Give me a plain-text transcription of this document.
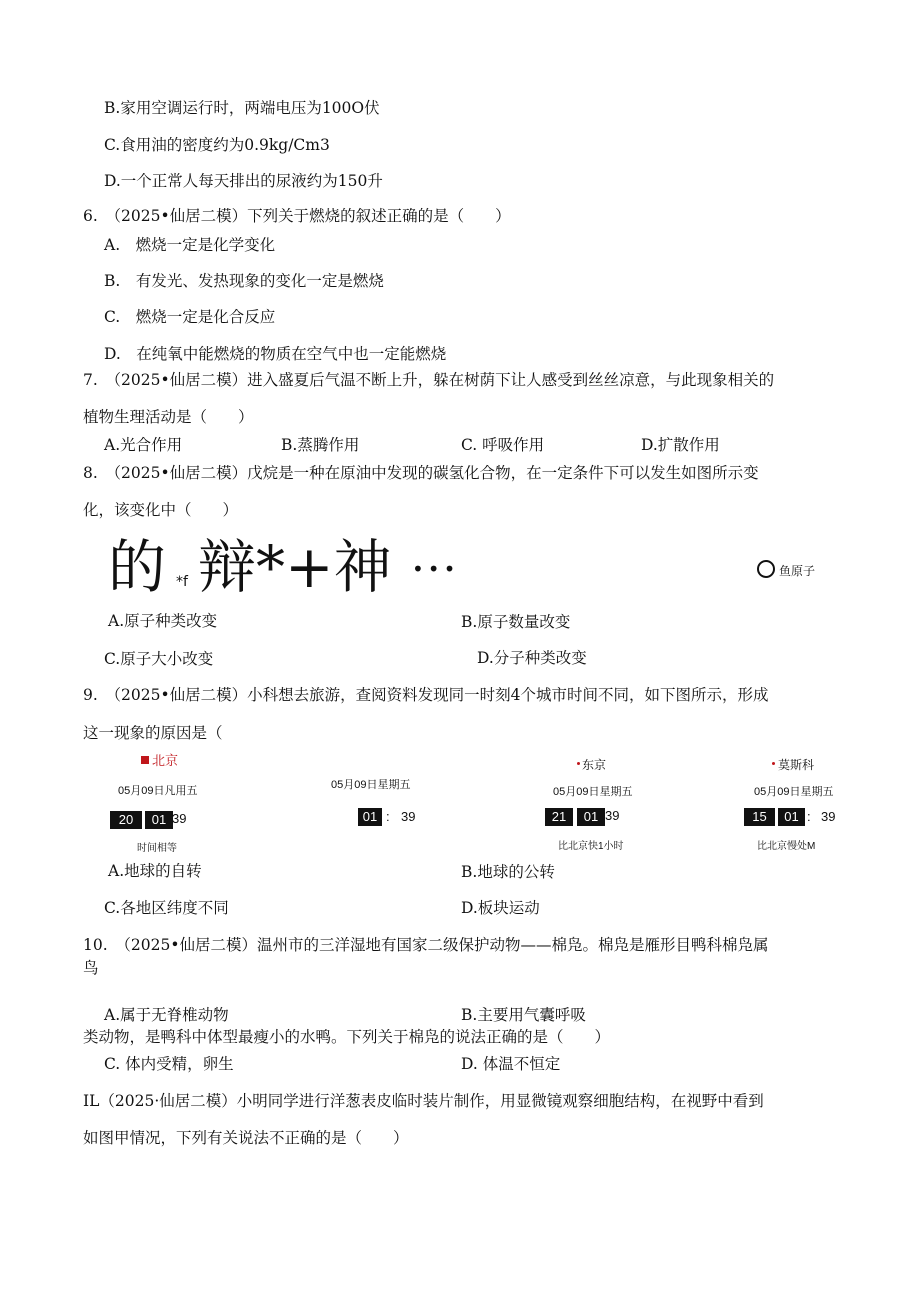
B.家用空调运行时，两端电压为100O伏
C.食用油的密度约为0.9kg/Cm3
D.一个正常人每天排出的尿液约为150升
6.　（2025•仙居二模）下列关于燃烧的叙述正确的是（　　）
A.　燃烧一定是化学变化
B.　有发光、发热现象的变化一定是燃烧
C.　燃烧一定是化合反应
D.　在纯氧中能燃烧的物质在空气中也一定能燃烧
7.　（2025•仙居二模）进入盛夏后气温不断上升，躲在树荫下让人感受到丝丝凉意，与此现象相关的
植物生理活动是（　　）
A.光合作用	B.蒸腾作用	C. 呼吸作用	D.扩散作用
8.　（2025•仙居二模）戊烷是一种在原油中发现的碳氢化合物，在一定条件下可以发生如图所示变
化，该变化中（　　）
的 *f 辩*+神 •••	鱼原子
A.原子种类改变	B.原子数量改变
C.原子大小改变	D.分子种类改变
9.　（2025•仙居二模）小科想去旅游，查阅资料发现同一时刻4个城市时间不同，如下图所示，形成
这一现象的原因是（
北京
05月09日凡用五
20	01 39
时间相等
05月09日星期五
01 : 39
东京
05月09日星期五
21	01 39
比北京快1小时
莫斯科
05月09日星期五
15	01 : 39
比北京慢处M
A.地球的自转	B.地球的公转
C.各地区纬度不同	D.板块运动
10.　（2025•仙居二模）温州市的三洋湿地有国家二级保护动物——棉凫。棉凫是雁形目鸭科棉凫属
鸟
A.属于无脊椎动物	B.主要用气囊呼吸
类动物，是鸭科中体型最瘦小的水鸭。下列关于棉凫的说法正确的是（　　）
C. 体内受精，卵生	D. 体温不恒定
IL（2025·仙居二模）小明同学进行洋葱表皮临时装片制作，用显微镜观察细胞结构，在视野中看到
如图甲情况，下列有关说法不正确的是（　　）
